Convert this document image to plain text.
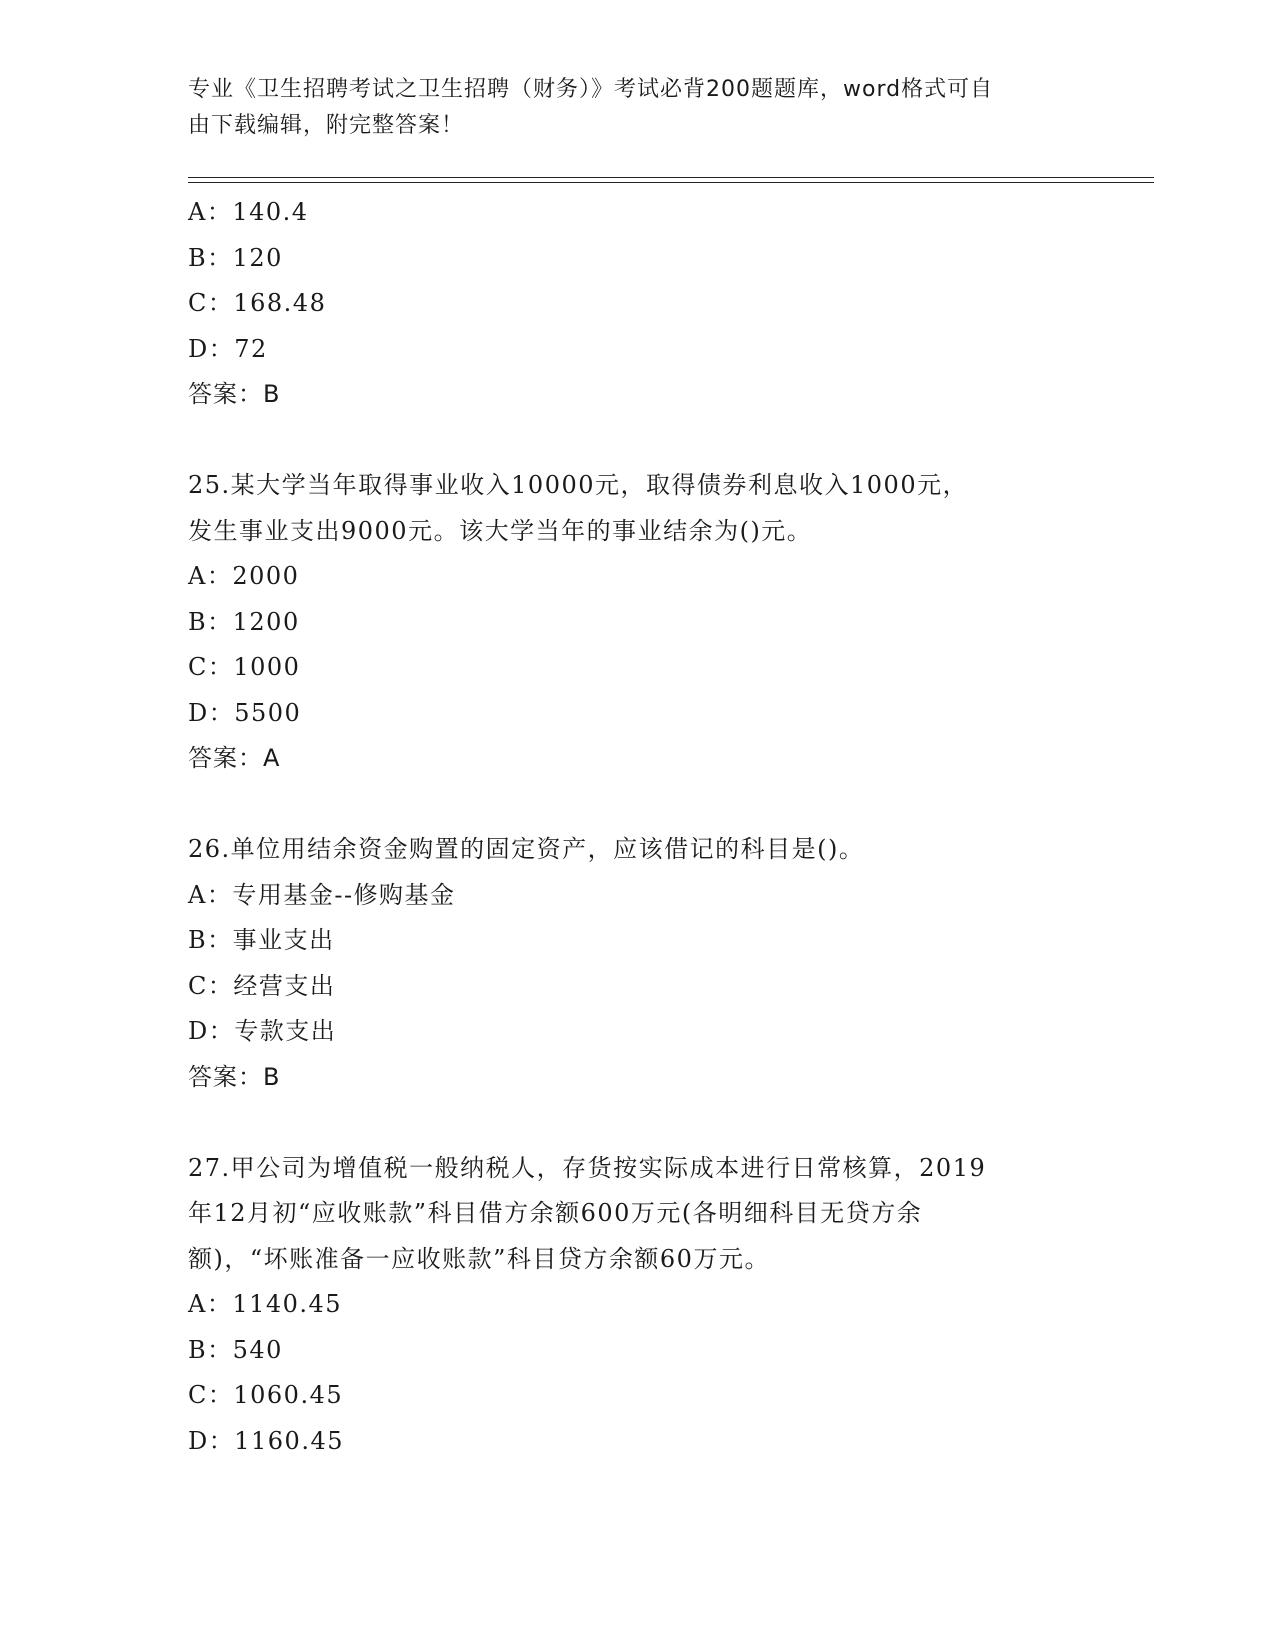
专业《卫生招聘考试之卫生招聘（财务）》考试必背200题题库，word格式可自
由下载编辑，附完整答案！
A：140.4
B：120
C：168.48
D：72
答案：B
25.某大学当年取得事业收入10000元，取得债券利息收入1000元，
发生事业支出9000元。该大学当年的事业结余为()元。
A：2000
B：1200
C：1000
D：5500
答案：A
26.单位用结余资金购置的固定资产，应该借记的科目是()。
A：专用基金--修购基金
B：事业支出
C：经营支出
D：专款支出
答案：B
27.甲公司为增值税一般纳税人，存货按实际成本进行日常核算，2019
年12月初“应收账款”科目借方余额600万元(各明细科目无贷方余
额)，“坏账准备一应收账款”科目贷方余额60万元。
A：1140.45
B：540
C：1060.45
D：1160.45
